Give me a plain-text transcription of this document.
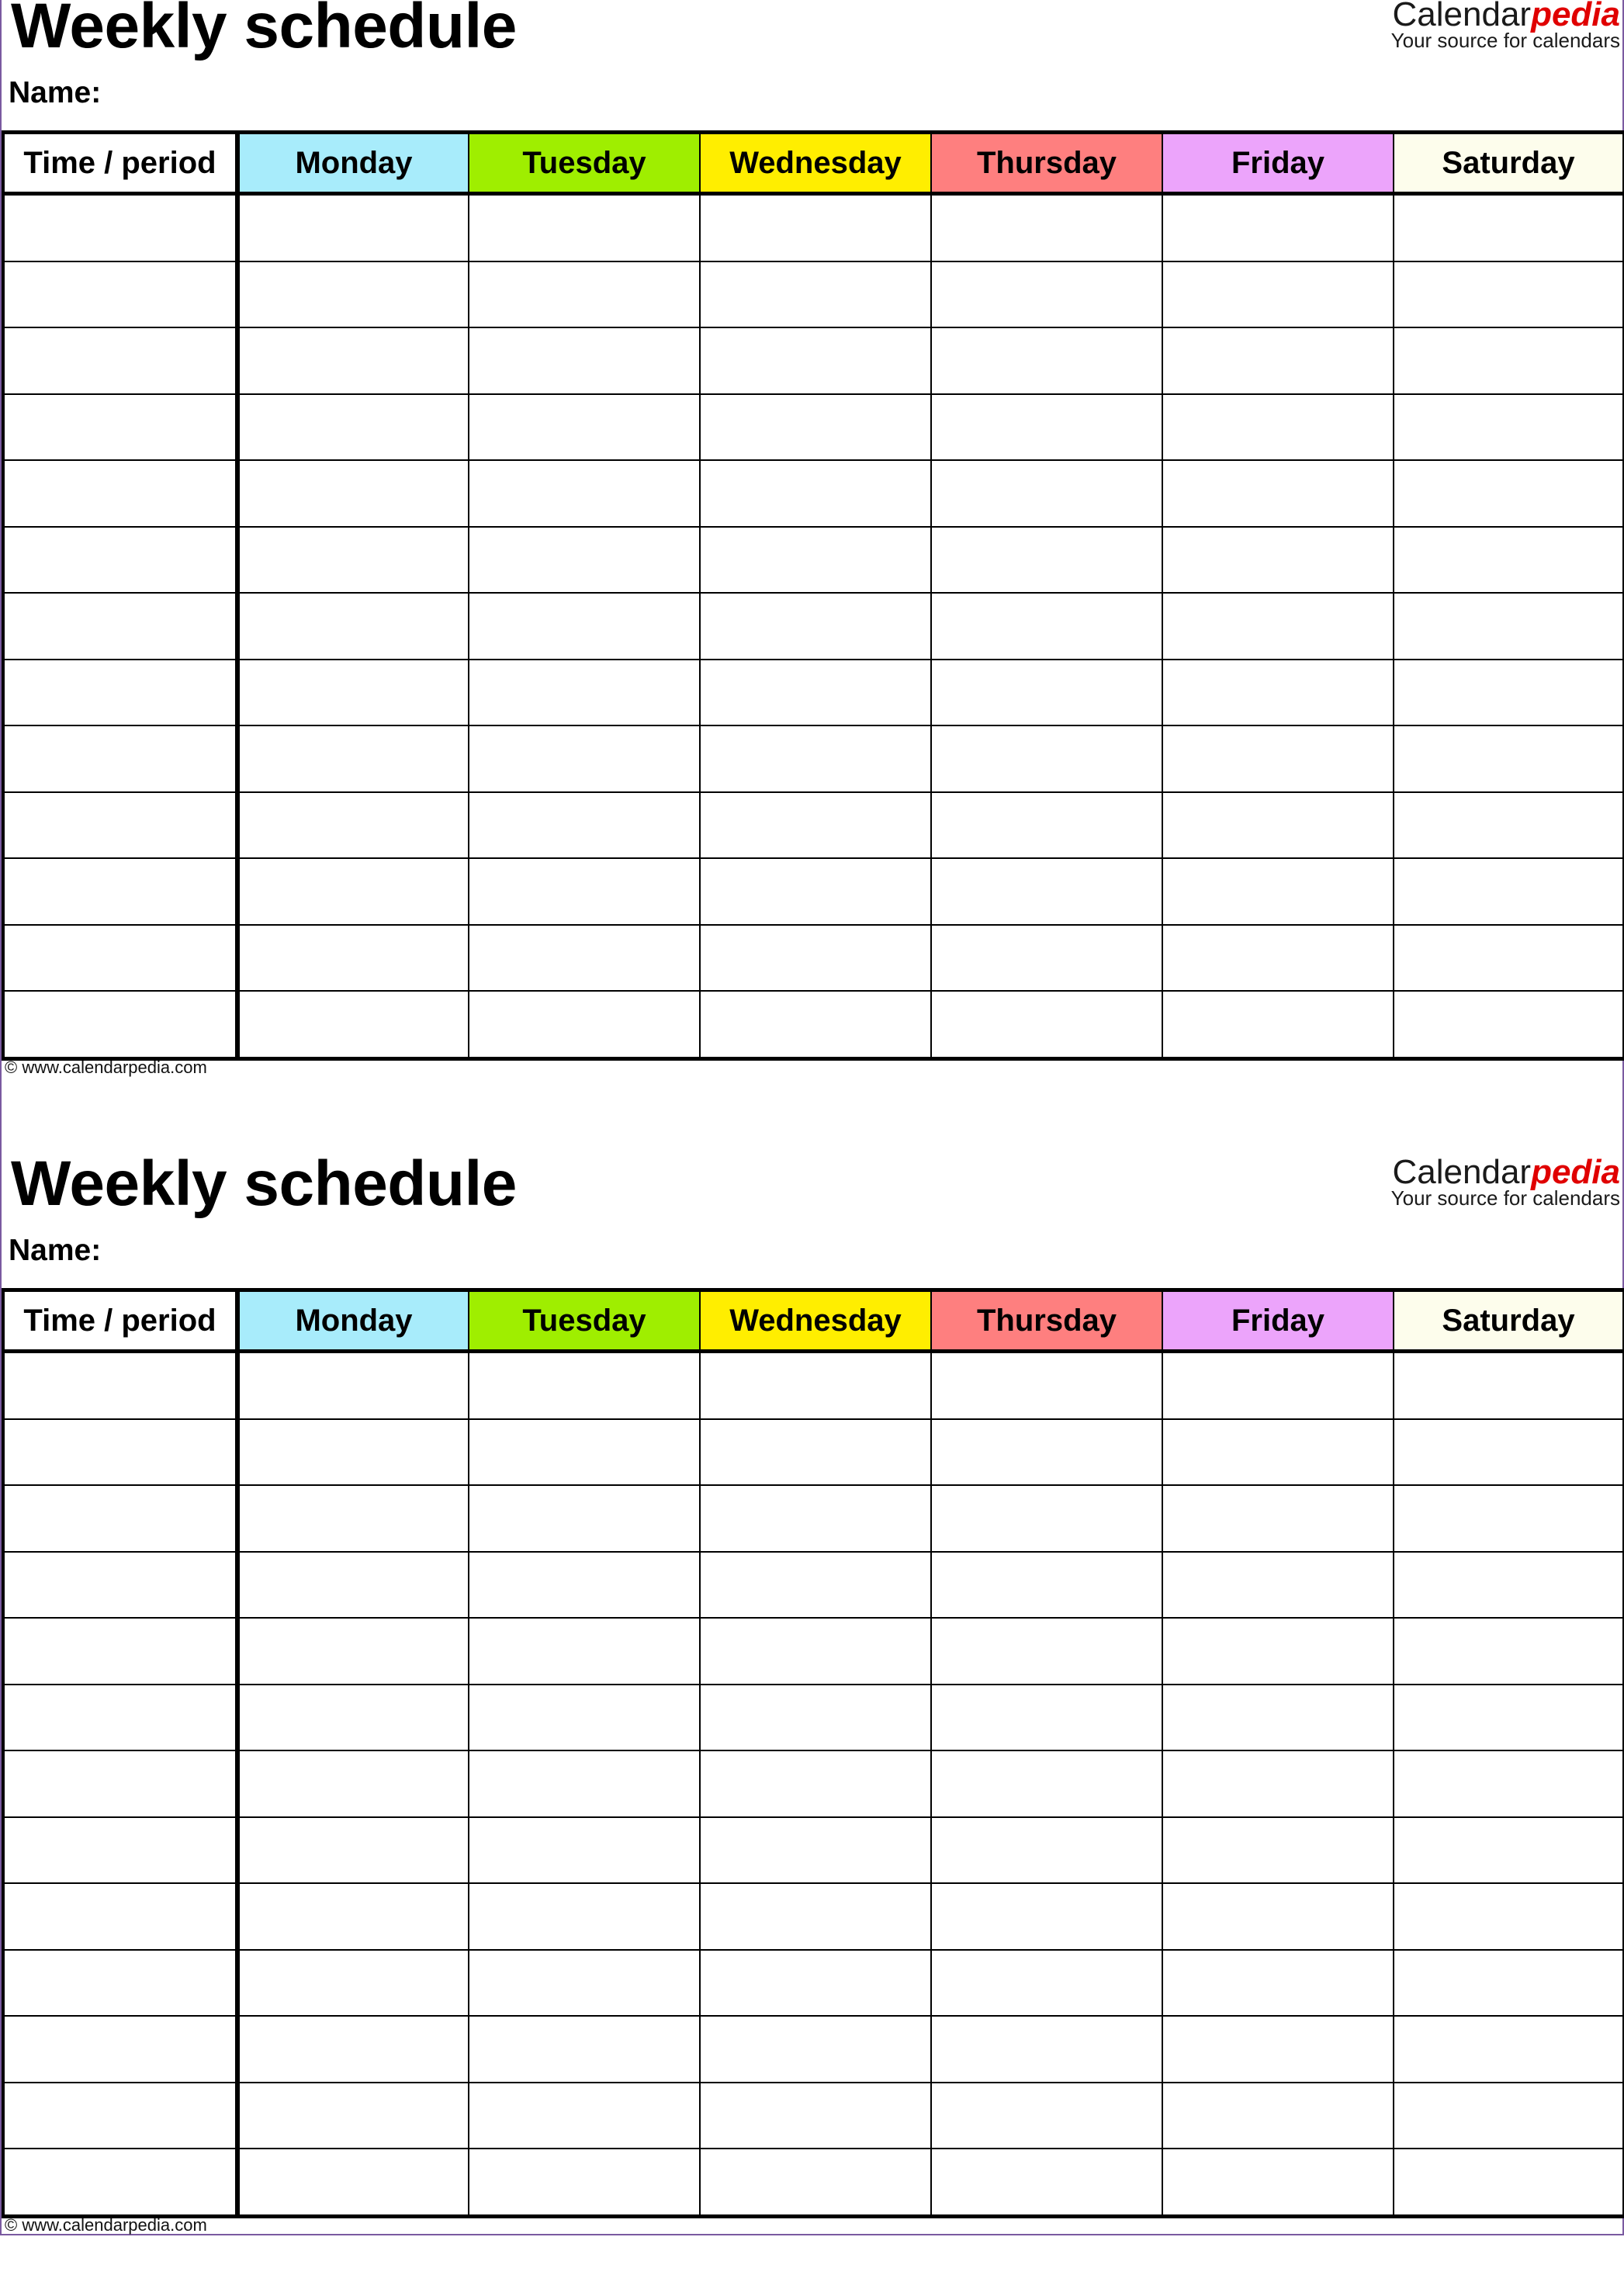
Weekly schedule
Name:
Calendarpedia
Your source for calendars
Time / period	Monday	Tuesday	Wednesday	Thursday	Friday	Saturday

© www.calendarpedia.com
Weekly schedule
Name:
Calendarpedia
Your source for calendars
Time / period	Monday	Tuesday	Wednesday	Thursday	Friday	Saturday

© www.calendarpedia.com
